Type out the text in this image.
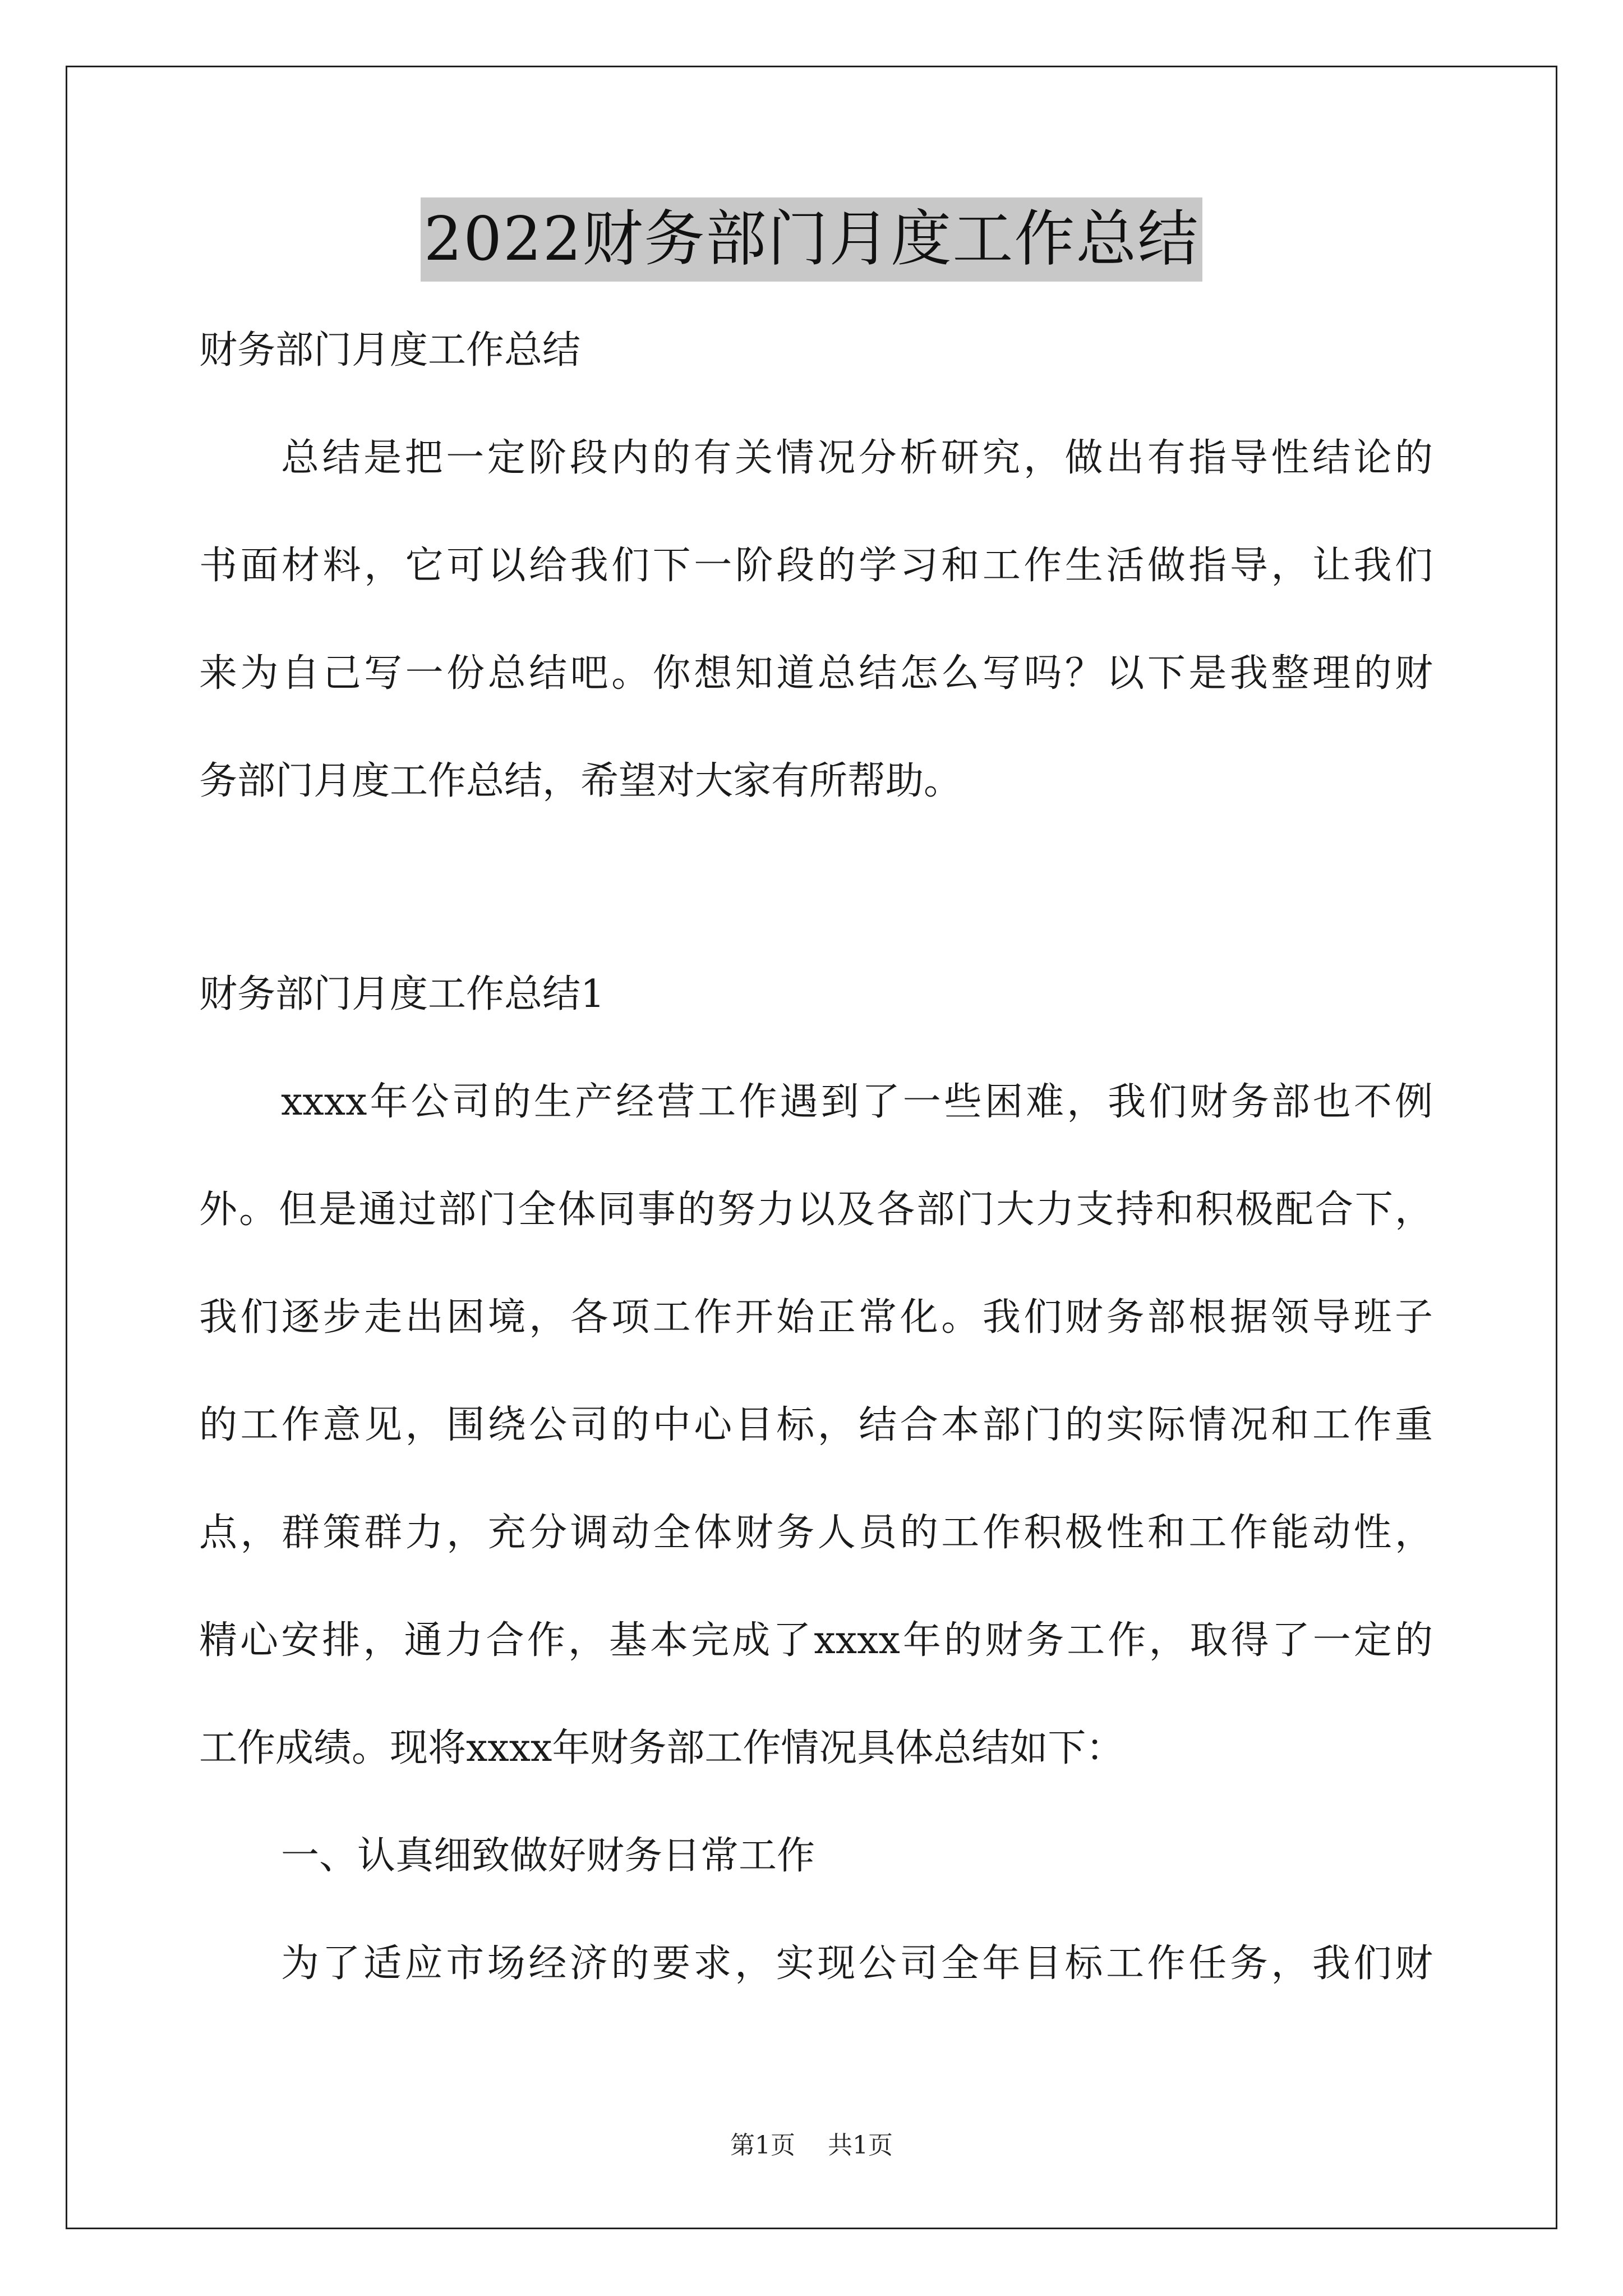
2022财务部门月度工作总结
财务部门月度工作总结
总结是把一定阶段内的有关情况分析研究，做出有指导性结论的
书面材料，它可以给我们下一阶段的学习和工作生活做指导，让我们
来为自己写一份总结吧。你想知道总结怎么写吗？以下是我整理的财
务部门月度工作总结，希望对大家有所帮助。
财务部门月度工作总结1
xxxx年公司的生产经营工作遇到了一些困难，我们财务部也不例
外。但是通过部门全体同事的努力以及各部门大力支持和积极配合下，
我们逐步走出困境，各项工作开始正常化。我们财务部根据领导班子
的工作意见，围绕公司的中心目标，结合本部门的实际情况和工作重
点，群策群力，充分调动全体财务人员的工作积极性和工作能动性，
精心安排，通力合作，基本完成了xxxx年的财务工作，取得了一定的
工作成绩。现将xxxx年财务部工作情况具体总结如下：
一、认真细致做好财务日常工作
为了适应市场经济的要求，实现公司全年目标工作任务，我们财
第1页 共1页
